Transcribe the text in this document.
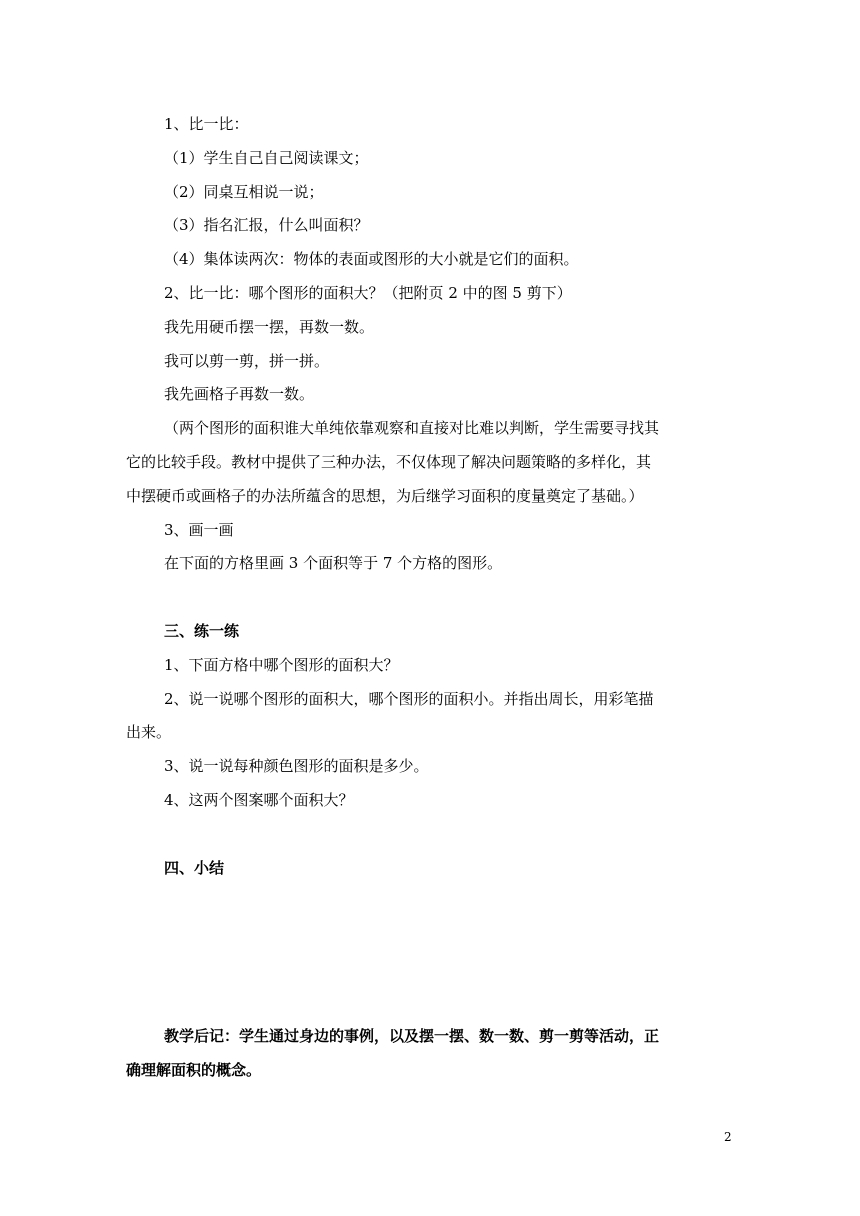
1、比一比：
（1）学生自己自己阅读课文；
（2）同桌互相说一说；
（3）指名汇报，什么叫面积？
（4）集体读两次：物体的表面或图形的大小就是它们的面积。
2、比一比：哪个图形的面积大？（把附页 2 中的图 5 剪下）
我先用硬币摆一摆，再数一数。
我可以剪一剪，拼一拼。
我先画格子再数一数。
（两个图形的面积谁大单纯依靠观察和直接对比难以判断，学生需要寻找其
它的比较手段。教材中提供了三种办法，不仅体现了解决问题策略的多样化，其
中摆硬币或画格子的办法所蕴含的思想，为后继学习面积的度量奠定了基础。）
3、画一画
在下面的方格里画 3 个面积等于 7 个方格的图形。
三、练一练
1、下面方格中哪个图形的面积大？
2、说一说哪个图形的面积大，哪个图形的面积小。并指出周长，用彩笔描
出来。
3、说一说每种颜色图形的面积是多少。
4、这两个图案哪个面积大？
四、小结
教学后记：学生通过身边的事例，以及摆一摆、数一数、剪一剪等活动，正
确理解面积的概念。
2
